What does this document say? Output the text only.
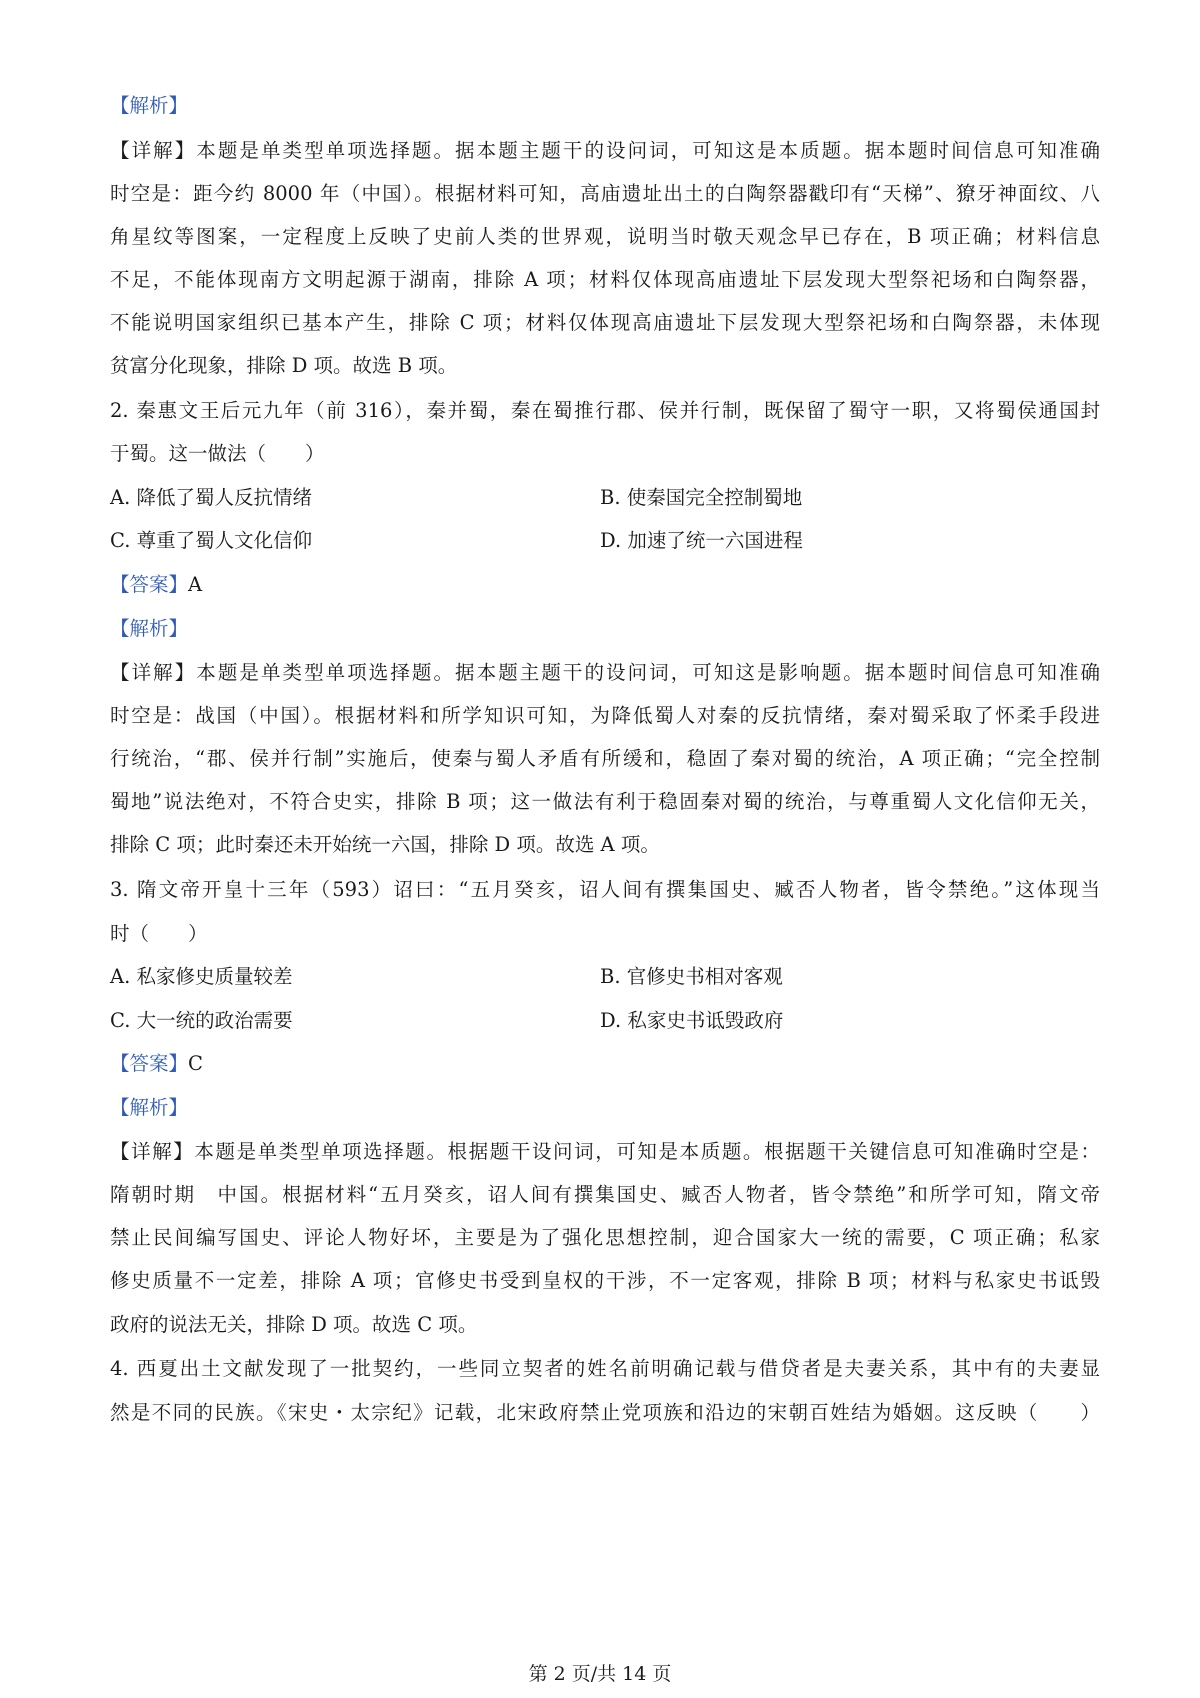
【解析】
【详解】本题是单类型单项选择题。据本题主题干的设问词，可知这是本质题。据本题时间信息可知准确
时空是：距今约 8000 年（中国）。根据材料可知，高庙遗址出土的白陶祭器戳印有“天梯”、獠牙神面纹、八
角星纹等图案，一定程度上反映了史前人类的世界观，说明当时敬天观念早已存在，B 项正确；材料信息
不足，不能体现南方文明起源于湖南，排除 A 项；材料仅体现高庙遗址下层发现大型祭祀场和白陶祭器，
不能说明国家组织已基本产生，排除 C 项；材料仅体现高庙遗址下层发现大型祭祀场和白陶祭器，未体现
贫富分化现象，排除 D 项。故选 B 项。
2. 秦惠文王后元九年（前 316），秦并蜀，秦在蜀推行郡、侯并行制，既保留了蜀守一职，又将蜀侯通国封
于蜀。这一做法（　　）
A. 降低了蜀人反抗情绪	B. 使秦国完全控制蜀地
C. 尊重了蜀人文化信仰	D. 加速了统一六国进程
【答案】A
【解析】
【详解】本题是单类型单项选择题。据本题主题干的设问词，可知这是影响题。据本题时间信息可知准确
时空是：战国（中国）。根据材料和所学知识可知，为降低蜀人对秦的反抗情绪，秦对蜀采取了怀柔手段进
行统治，“郡、侯并行制”实施后，使秦与蜀人矛盾有所缓和，稳固了秦对蜀的统治，A 项正确；“完全控制
蜀地”说法绝对，不符合史实，排除 B 项；这一做法有利于稳固秦对蜀的统治，与尊重蜀人文化信仰无关，
排除 C 项；此时秦还未开始统一六国，排除 D 项。故选 A 项。
3. 隋文帝开皇十三年（593）诏曰：“五月癸亥，诏人间有撰集国史、臧否人物者，皆令禁绝。”这体现当
时（　　）
A. 私家修史质量较差	B. 官修史书相对客观
C. 大一统的政治需要	D. 私家史书诋毁政府
【答案】C
【解析】
【详解】本题是单类型单项选择题。根据题干设问词，可知是本质题。根据题干关键信息可知准确时空是：
隋朝时期　中国。根据材料“五月癸亥，诏人间有撰集国史、臧否人物者，皆令禁绝”和所学可知，隋文帝
禁止民间编写国史、评论人物好坏，主要是为了强化思想控制，迎合国家大一统的需要，C 项正确；私家
修史质量不一定差，排除 A 项；官修史书受到皇权的干涉，不一定客观，排除 B 项；材料与私家史书诋毁
政府的说法无关，排除 D 项。故选 C 项。
4. 西夏出土文献发现了一批契约，一些同立契者的姓名前明确记载与借贷者是夫妻关系，其中有的夫妻显
然是不同的民族。《宋史・太宗纪》记载，北宋政府禁止党项族和沿边的宋朝百姓结为婚姻。这反映（　　）
第 2 页/共 14 页
